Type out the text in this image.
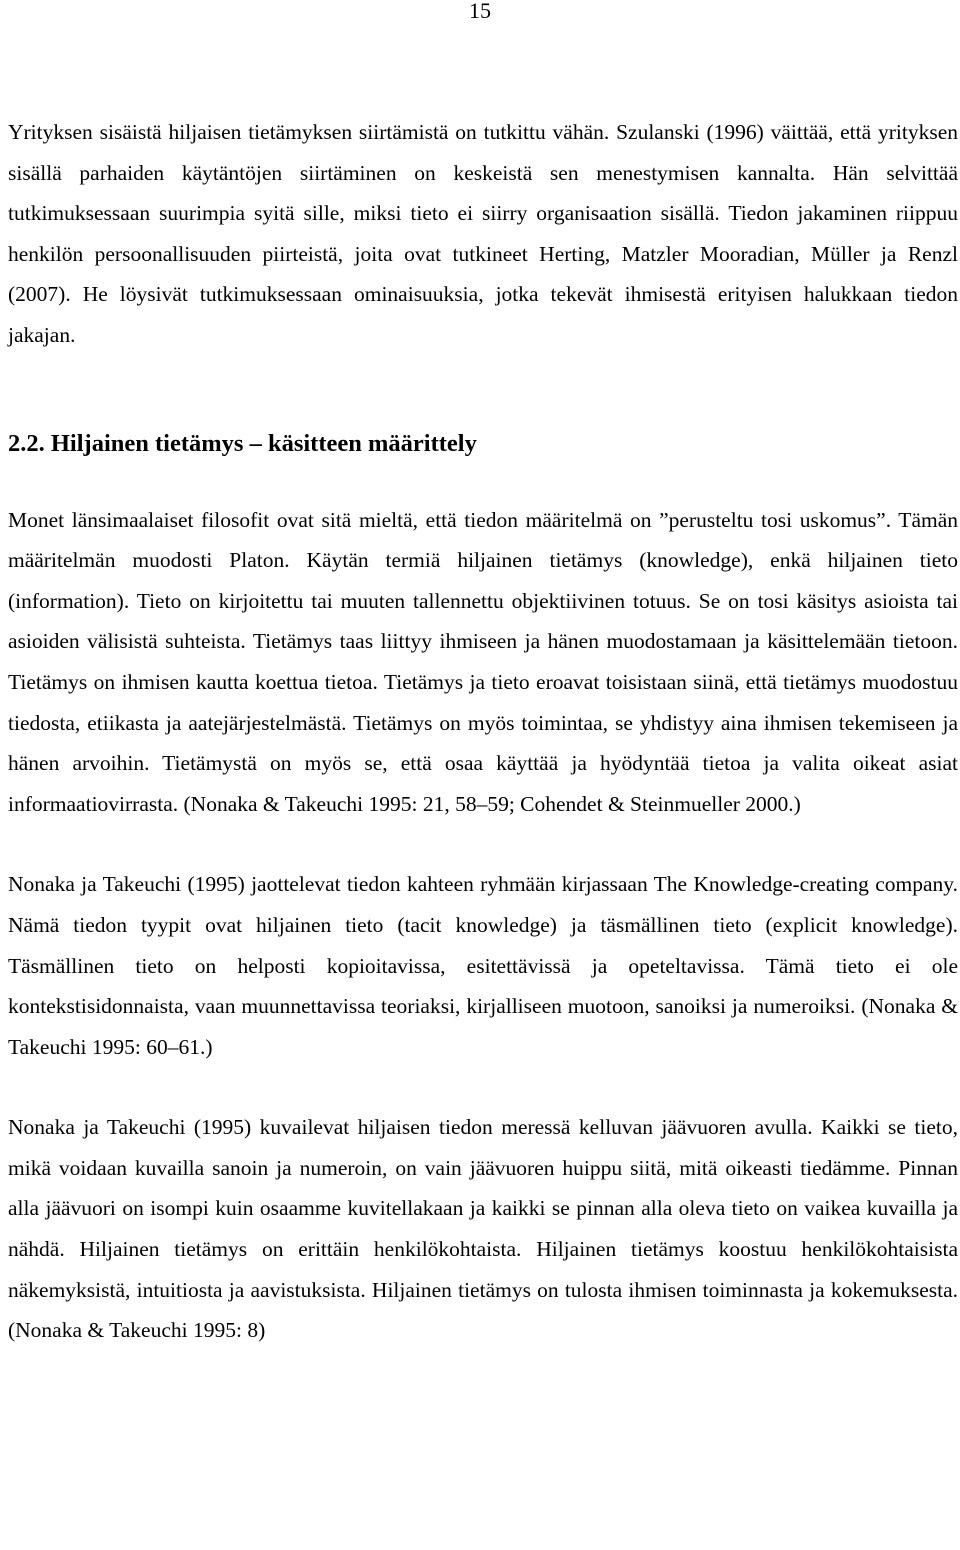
15

Yrityksen sisäistä hiljaisen tietämyksen siirtämistä on tutkittu vähän. Szulanski (1996) väittää, että yrityksen sisällä parhaiden käytäntöjen siirtäminen on keskeistä sen menestymisen kannalta. Hän selvittää tutkimuksessaan suurimpia syitä sille, miksi tieto ei siirry organisaation sisällä. Tiedon jakaminen riippuu henkilön persoonallisuuden piirteistä, joita ovat tutkineet Herting, Matzler Mooradian, Müller ja Renzl (2007). He löysivät tutkimuksessaan ominaisuuksia, jotka tekevät ihmisestä erityisen halukkaan tiedon jakajan.

2.2. Hiljainen tietämys – käsitteen määrittely

Monet länsimaalaiset filosofit ovat sitä mieltä, että tiedon määritelmä on ”perusteltu tosi uskomus”. Tämän määritelmän muodosti Platon. Käytän termiä hiljainen tietämys (knowledge), enkä hiljainen tieto (information). Tieto on kirjoitettu tai muuten tallennettu objektiivinen totuus. Se on tosi käsitys asioista tai asioiden välisistä suhteista. Tietämys taas liittyy ihmiseen ja hänen muodostamaan ja käsittelemään tietoon. Tietämys on ihmisen kautta koettua tietoa. Tietämys ja tieto eroavat toisistaan siinä, että tietämys muodostuu tiedosta, etiikasta ja aatejärjestelmästä. Tietämys on myös toimintaa, se yhdistyy aina ihmisen tekemiseen ja hänen arvoihin. Tietämystä on myös se, että osaa käyttää ja hyödyntää tietoa ja valita oikeat asiat informaatiovirrasta. (Nonaka & Takeuchi 1995: 21, 58–59; Cohendet & Steinmueller 2000.)

Nonaka ja Takeuchi (1995) jaottelevat tiedon kahteen ryhmään kirjassaan The Knowledge-creating company. Nämä tiedon tyypit ovat hiljainen tieto (tacit knowledge) ja täsmällinen tieto (explicit knowledge). Täsmällinen tieto on helposti kopioitavissa, esitettävissä ja opeteltavissa. Tämä tieto ei ole kontekstisidonnaista, vaan muunnettavissa teoriaksi, kirjalliseen muotoon, sanoiksi ja numeroiksi. (Nonaka & Takeuchi 1995: 60–61.)

Nonaka ja Takeuchi (1995) kuvailevat hiljaisen tiedon meressä kelluvan jäävuoren avulla. Kaikki se tieto, mikä voidaan kuvailla sanoin ja numeroin, on vain jäävuoren huippu siitä, mitä oikeasti tiedämme. Pinnan alla jäävuori on isompi kuin osaamme kuvitellakaan ja kaikki se pinnan alla oleva tieto on vaikea kuvailla ja nähdä. Hiljainen tietämys on erittäin henkilökohtaista. Hiljainen tietämys koostuu henkilökohtaisista näkemyksistä, intuitiosta ja aavistuksista. Hiljainen tietämys on tulosta ihmisen toiminnasta ja kokemuksesta. (Nonaka & Takeuchi 1995: 8)
